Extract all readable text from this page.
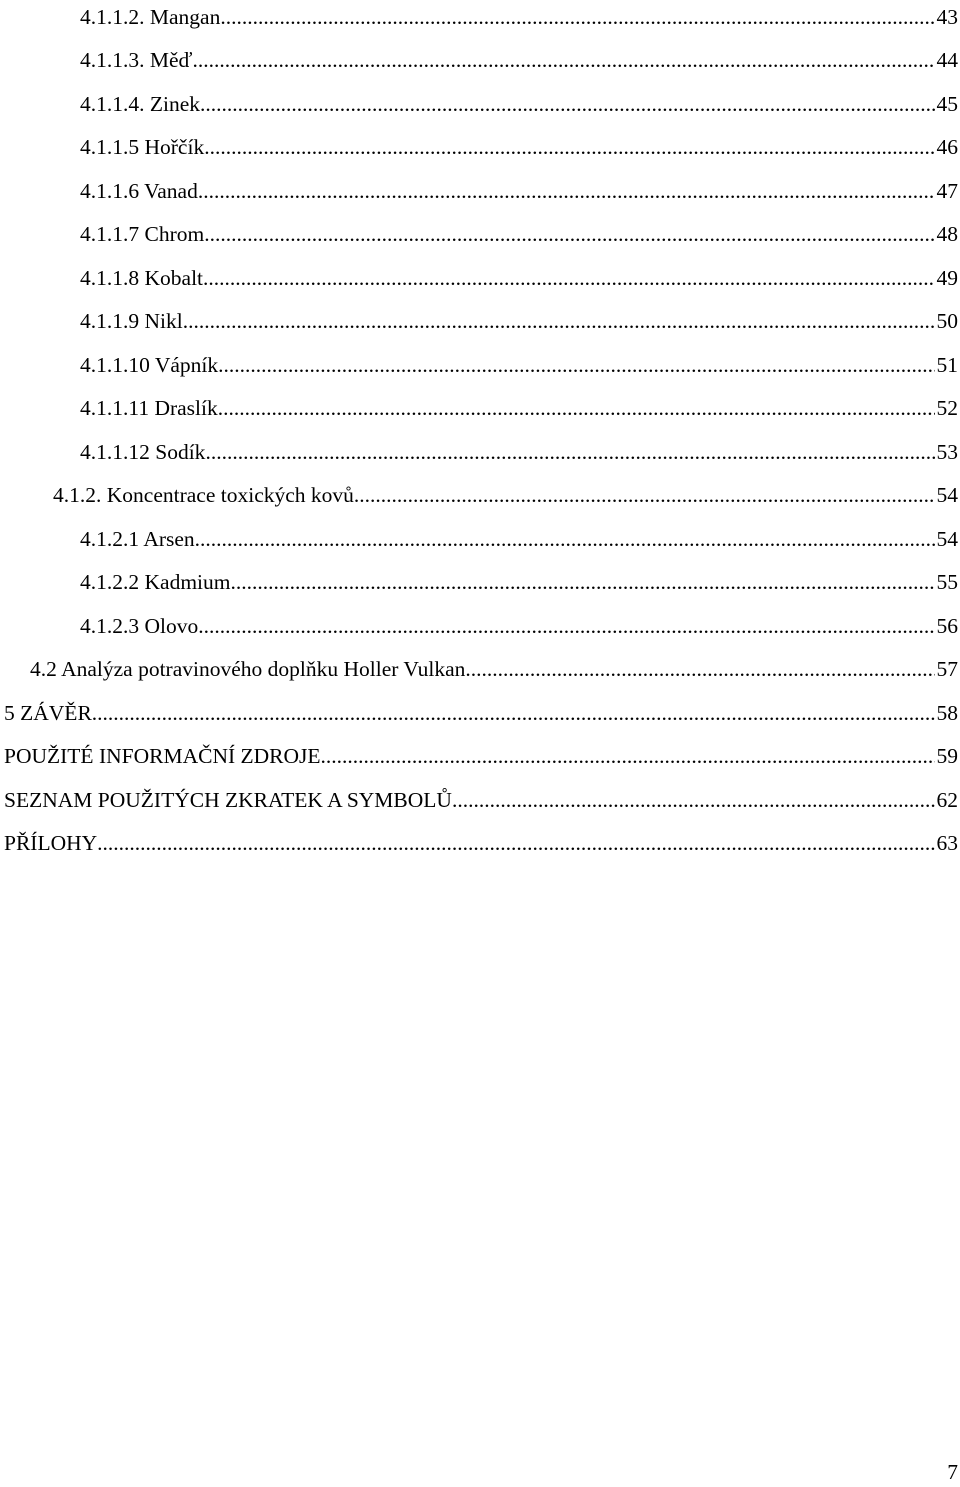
4.1.1.2. Mangan .....	43
4.1.1.3. Měď .....	44
4.1.1.4. Zinek .....	45
4.1.1.5 Hořčík .....	46
4.1.1.6 Vanad .....	47
4.1.1.7 Chrom .....	48
4.1.1.8 Kobalt .....	49
4.1.1.9 Nikl .....	50
4.1.1.10 Vápník .....	51
4.1.1.11 Draslík .....	52
4.1.1.12 Sodík .....	53
4.1.2. Koncentrace toxických kovů .....	54
4.1.2.1 Arsen .....	54
4.1.2.2 Kadmium .....	55
4.1.2.3 Olovo .....	56
4.2 Analýza potravinového doplňku Holler Vulkan .....	57
5 ZÁVĚR .....	58
POUŽITÉ INFORMAČNÍ ZDROJE .....	59
SEZNAM POUŽITÝCH ZKRATEK A SYMBOLŮ .....	62
PŘÍLOHY .....	63
7
